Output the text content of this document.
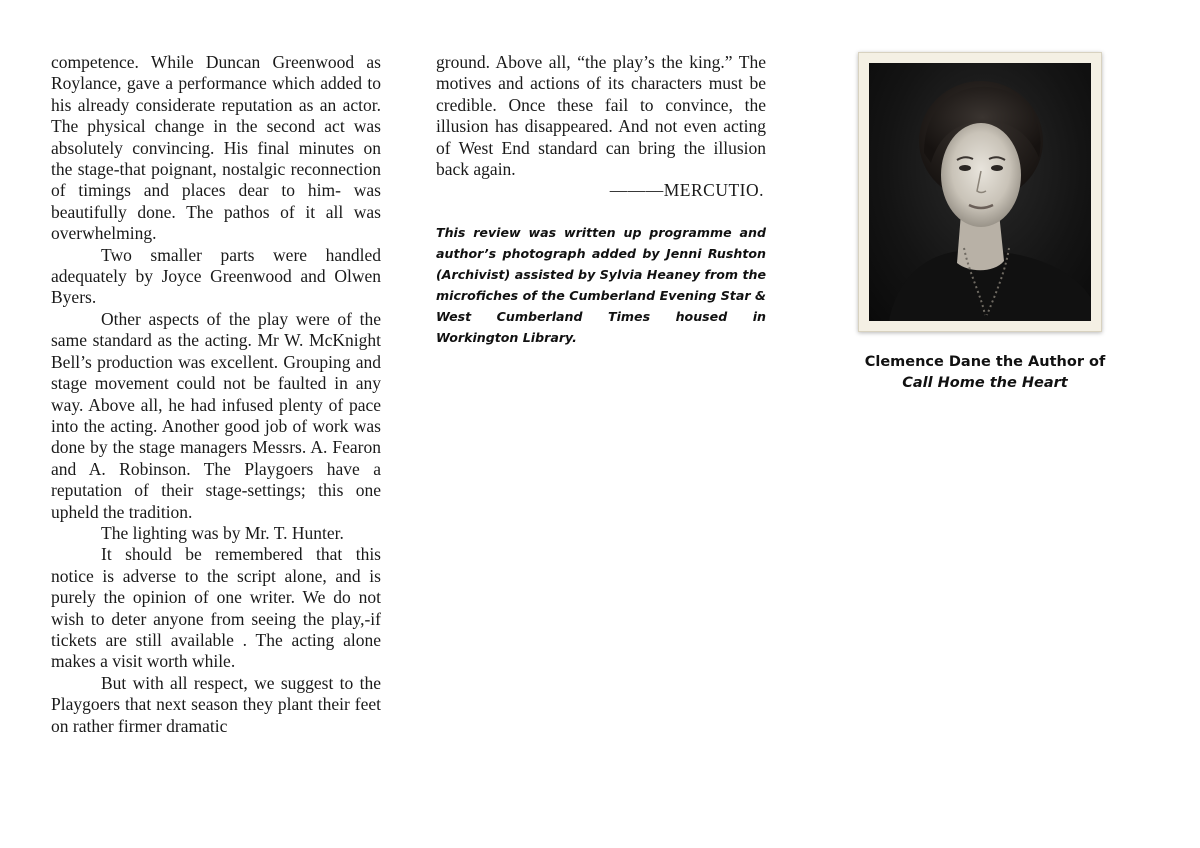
competence. While Duncan Greenwood as Roylance, gave a performance which added to his already considerate reputation as an actor. The physical change in the second act was absolutely convincing. His final minutes on the stage-that poignant, nostalgic reconnection of timings and places dear to him- was beautifully done. The pathos of it all was overwhelming.

Two smaller parts were handled adequately by Joyce Greenwood and Olwen Byers.

Other aspects of the play were of the same standard as the acting. Mr W. McKnight Bell’s production was excellent. Grouping and stage movement could not be faulted in any way. Above all, he had infused plenty of pace into the acting. Another good job of work was done by the stage managers Messrs. A. Fearon and A. Robinson. The Playgoers have a reputation of their stage-settings; this one upheld the tradition.

The lighting was by Mr. T. Hunter.

It should be remembered that this notice is adverse to the script alone, and is purely the opinion of one writer. We do not wish to deter anyone from seeing the play,-if tickets are still available . The acting alone makes a visit worth while.

But with all respect, we suggest to the Playgoers that next season they plant their feet on rather firmer dramatic

ground. Above all, “the play’s the king.” The motives and actions of its characters must be credible. Once these fail to convince, the illusion has disappeared. And not even acting of West End standard can bring the illusion back again.

———MERCUTIO.

This review was written up programme and author’s photograph added by Jenni Rushton (Archivist) assisted by Sylvia Heaney from the microfiches of the Cumberland Evening Star & West Cumberland Times housed in Workington Library.
Clemence Dane the Author of
Call Home the Heart
